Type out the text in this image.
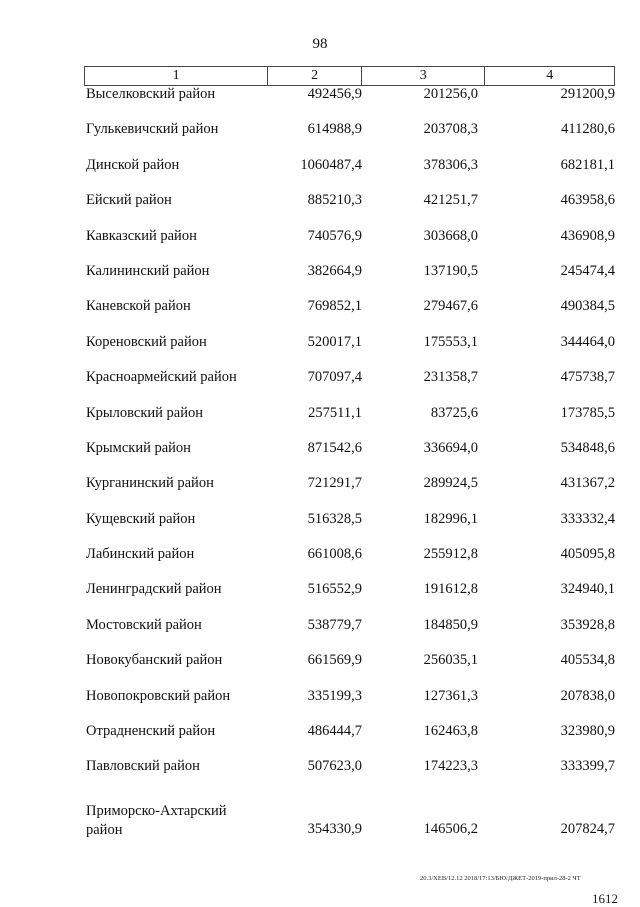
98
1	2	3	4
Выселковский район	492456,9	201256,0	291200,9
Гулькевичский район	614988,9	203708,3	411280,6
Динской район	1060487,4	378306,3	682181,1
Ейский район	885210,3	421251,7	463958,6
Кавказский район	740576,9	303668,0	436908,9
Калининский район	382664,9	137190,5	245474,4
Каневской район	769852,1	279467,6	490384,5
Кореновский район	520017,1	175553,1	344464,0
Красноармейский район	707097,4	231358,7	475738,7
Крыловский район	257511,1	83725,6	173785,5
Крымский район	871542,6	336694,0	534848,6
Курганинский район	721291,7	289924,5	431367,2
Кущевский район	516328,5	182996,1	333332,4
Лабинский район	661008,6	255912,8	405095,8
Ленинградский район	516552,9	191612,8	324940,1
Мостовский район	538779,7	184850,9	353928,8
Новокубанский район	661569,9	256035,1	405534,8
Новопокровский район	335199,3	127361,3	207838,0
Отрадненский район	486444,7	162463,8	323980,9
Павловский район	507623,0	174223,3	333399,7
Приморско-Ахтарский район	354330,9	146506,2	207824,7
20.3/ХЕВ/12.12 2018/17:13/БЮ/ДЖЕТ-2019-прил-28-2 ЧТ
1612
